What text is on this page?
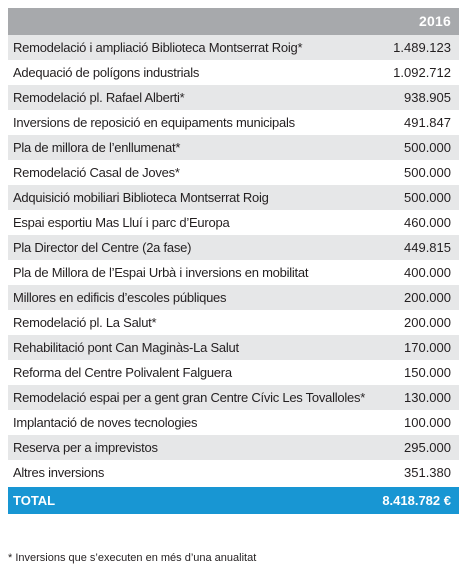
2016
Remodelació i ampliació Biblioteca Montserrat Roig*	1.489.123
Adequació de polígons industrials	1.092.712
Remodelació pl. Rafael Alberti*	938.905
Inversions de reposició en equipaments municipals	491.847
Pla de millora de l’enllumenat*	500.000
Remodelació Casal de Joves*	500.000
Adquisició mobiliari Biblioteca Montserrat Roig	500.000
Espai esportiu Mas Lluí i parc d’Europa	460.000
Pla Director del Centre (2a fase)	449.815
Pla de Millora de l’Espai Urbà i inversions en mobilitat	400.000
Millores en edificis d’escoles públiques	200.000
Remodelació pl. La Salut*	200.000
Rehabilitació pont Can Maginàs-La Salut	170.000
Reforma del Centre Polivalent Falguera	150.000
Remodelació espai per a gent gran Centre Cívic Les Tovalloles*	130.000
Implantació de noves tecnologies	100.000
Reserva per a imprevistos	295.000
Altres inversions	351.380
TOTAL	8.418.782 €
* Inversions que s’executen en més d’una anualitat
